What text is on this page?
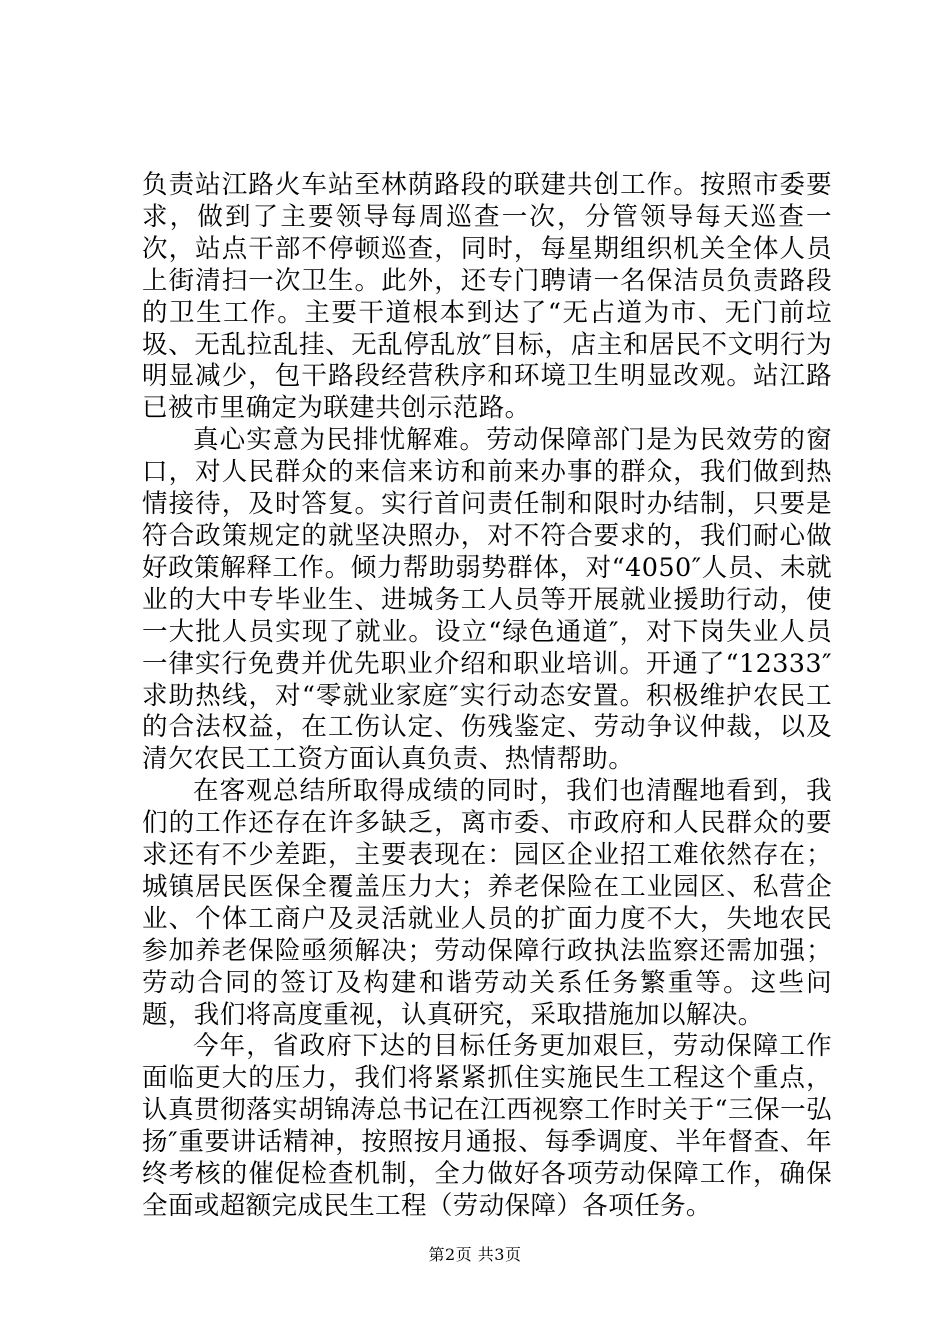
负责站江路火车站至林荫路段的联建共创工作。按照市委要求，做到了主要领导每周巡查一次，分管领导每天巡查一次，站点干部不停顿巡查，同时，每星期组织机关全体人员上街清扫一次卫生。此外，还专门聘请一名保洁员负责路段的卫生工作。主要干道根本到达了“无占道为市、无门前垃圾、无乱拉乱挂、无乱停乱放″目标，店主和居民不文明行为明显减少，包干路段经营秩序和环境卫生明显改观。站江路已被市里确定为联建共创示范路。

真心实意为民排忧解难。劳动保障部门是为民效劳的窗口，对人民群众的来信来访和前来办事的群众，我们做到热情接待，及时答复。实行首问责任制和限时办结制，只要是符合政策规定的就坚决照办，对不符合要求的，我们耐心做好政策解释工作。倾力帮助弱势群体，对“4050″人员、未就业的大中专毕业生、进城务工人员等开展就业援助行动，使一大批人员实现了就业。设立“绿色通道″，对下岗失业人员一律实行免费并优先职业介绍和职业培训。开通了“12333″求助热线，对“零就业家庭″实行动态安置。积极维护农民工的合法权益，在工伤认定、伤残鉴定、劳动争议仲裁，以及清欠农民工工资方面认真负责、热情帮助。

在客观总结所取得成绩的同时，我们也清醒地看到，我们的工作还存在许多缺乏，离市委、市政府和人民群众的要求还有不少差距，主要表现在：园区企业招工难依然存在；城镇居民医保全覆盖压力大；养老保险在工业园区、私营企业、个体工商户及灵活就业人员的扩面力度不大，失地农民参加养老保险亟须解决；劳动保障行政执法监察还需加强；劳动合同的签订及构建和谐劳动关系任务繁重等。这些问题，我们将高度重视，认真研究，采取措施加以解决。

今年，省政府下达的目标任务更加艰巨，劳动保障工作面临更大的压力，我们将紧紧抓住实施民生工程这个重点，认真贯彻落实胡锦涛总书记在江西视察工作时关于“三保一弘扬″重要讲话精神，按照按月通报、每季调度、半年督查、年终考核的催促检查机制，全力做好各项劳动保障工作，确保全面或超额完成民生工程（劳动保障）各项任务。

第2页 共3页
